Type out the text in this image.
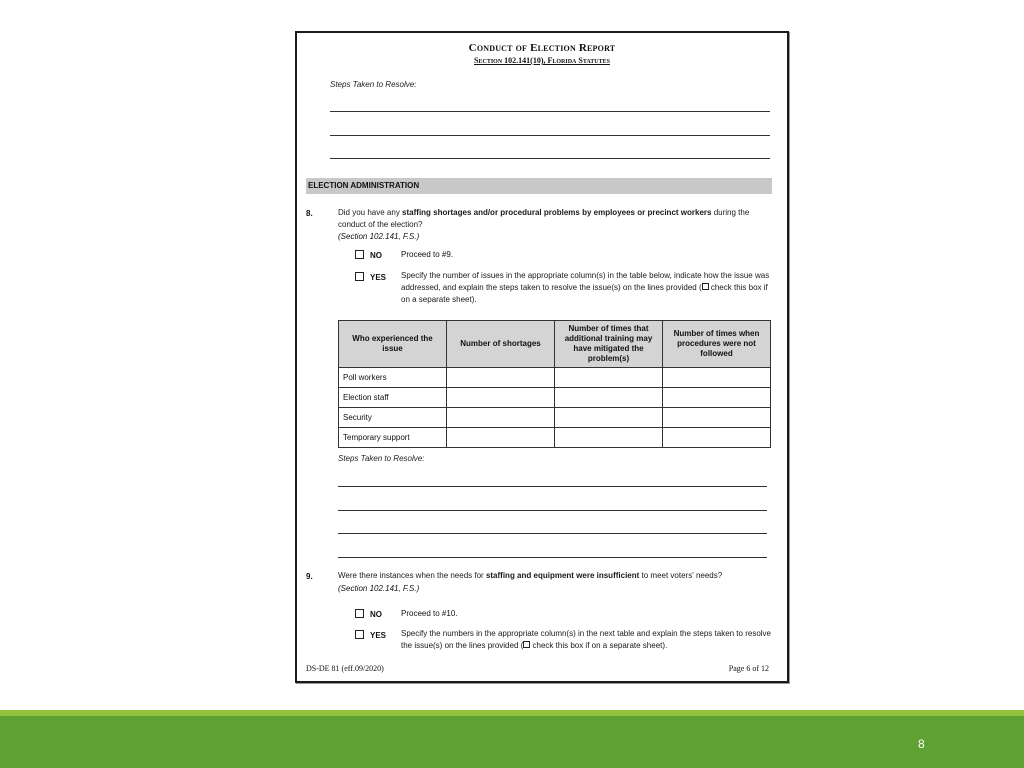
Conduct of Election Report
Section 102.141(10), Florida Statutes
Steps Taken to Resolve:
ELECTION ADMINISTRATION
8.	Did you have any staffing shortages and/or procedural problems by employees or precinct workers during the conduct of the election?
(Section 102.141, F.S.)
NO Proceed to #9.
YES Specify the number of issues in the appropriate column(s) in the table below, indicate how the issue was addressed, and explain the steps taken to resolve the issue(s) on the lines provided ( check this box if on a separate sheet).
Who experienced the issue	Number of shortages	Number of times that additional training may have mitigated the problem(s)	Number of times when procedures were not followed
Poll workers			
Election staff			
Security			
Temporary support			
Steps Taken to Resolve:
9.	Were there instances when the needs for staffing and equipment were insufficient to meet voters' needs?
(Section 102.141, F.S.)
NO Proceed to #10.
YES Specify the numbers in the appropriate column(s) in the next table and explain the steps taken to resolve the issue(s) on the lines provided ( check this box if on a separate sheet).
DS-DE 81 (eff.09/2020)	Page 6 of 12
8
